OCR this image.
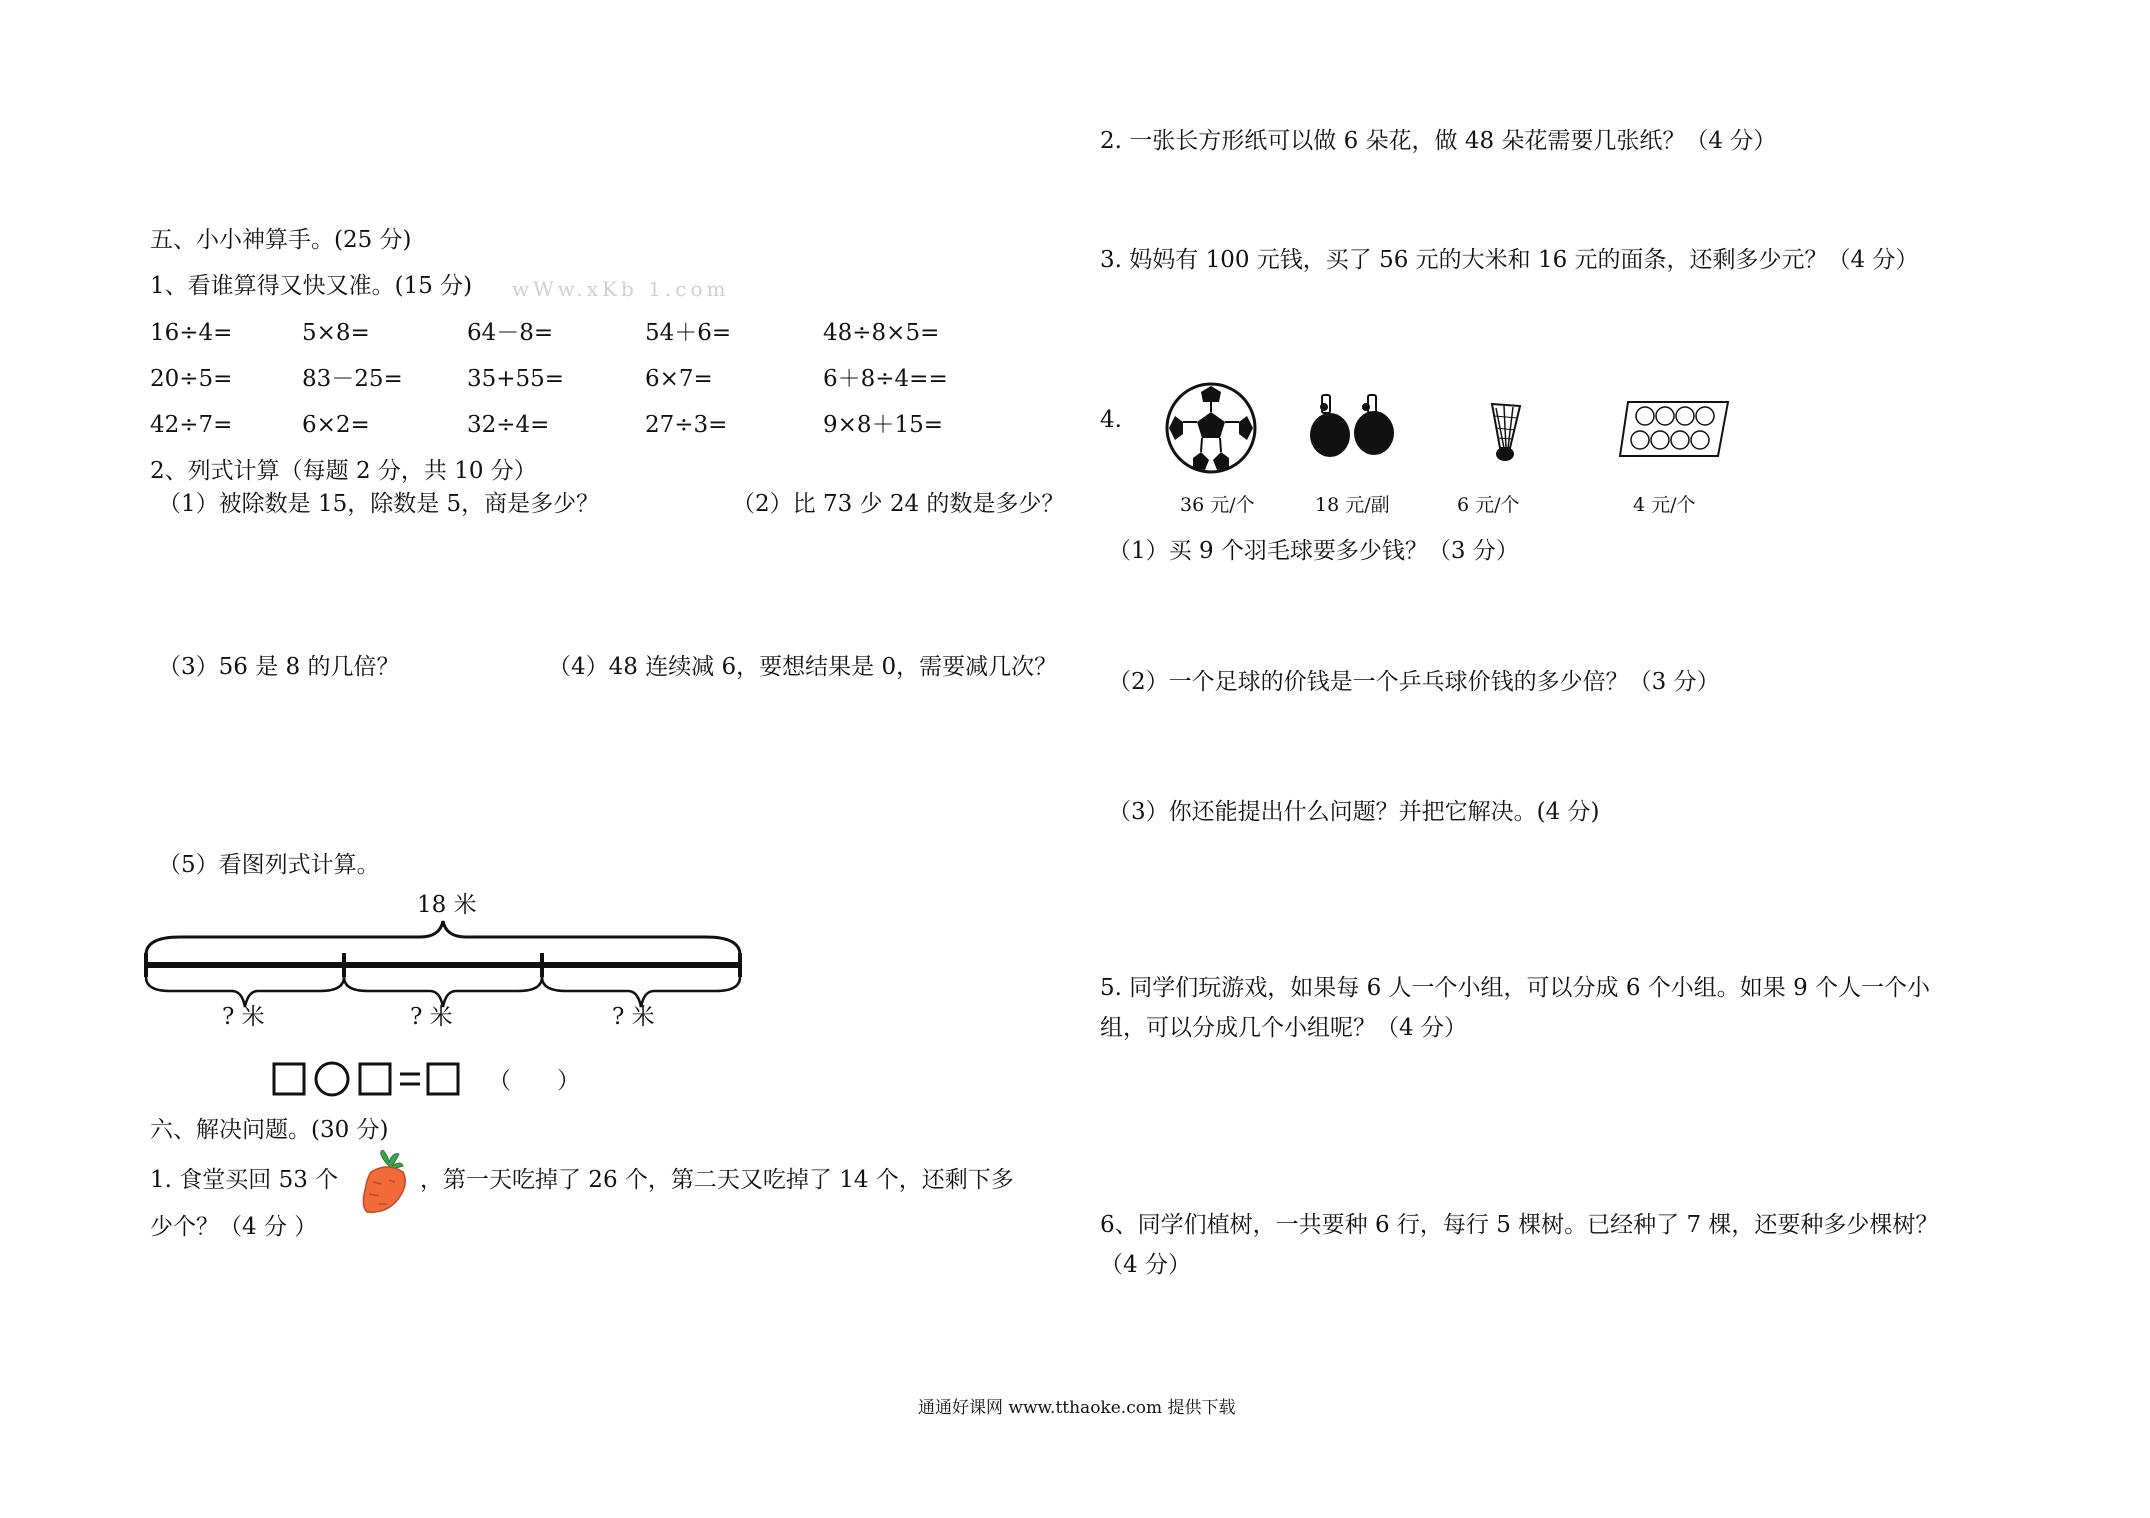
五、小小神算手。(25 分)
1、看谁算得又快又准。(15 分) wWw.xKb 1.com
16÷4=	5×8=	64－8=	54＋6=	48÷8×5=
20÷5=	83－25=	35+55=	6×7=	6＋8÷4==
42÷7=	6×2=	32÷4=	27÷3=	9×8＋15=
2、列式计算（每题 2 分，共 10 分）
（1）被除数是 15，除数是 5，商是多少？	（2）比 73 少 24 的数是多少？
（3）56 是 8 的几倍？	（4）48 连续减 6，要想结果是 0，需要减几次？
（5）看图列式计算。
18 米
? 米	? 米	? 米
（　　）
六、解决问题。(30 分)
1. 食堂买回 53 个	，第一天吃掉了 26 个，第二天又吃掉了 14 个，还剩下多
少个？（4 分 ）
2. 一张长方形纸可以做 6 朵花，做 48 朵花需要几张纸？（4 分）
3. 妈妈有 100 元钱，买了 56 元的大米和 16 元的面条，还剩多少元？（4 分）
4.
36 元/个	18 元/副	6 元/个	4 元/个
（1）买 9 个羽毛球要多少钱？（3 分）
（2）一个足球的价钱是一个乒乓球价钱的多少倍？（3 分）
（3）你还能提出什么问题？并把它解决。(4 分)
5. 同学们玩游戏，如果每 6 人一个小组，可以分成 6 个小组。如果 9 个人一个小
组，可以分成几个小组呢？（4 分）
6、同学们植树，一共要种 6 行，每行 5 棵树。已经种了 7 棵，还要种多少棵树？
（4 分）
通通好课网 www.tthaoke.com 提供下载
